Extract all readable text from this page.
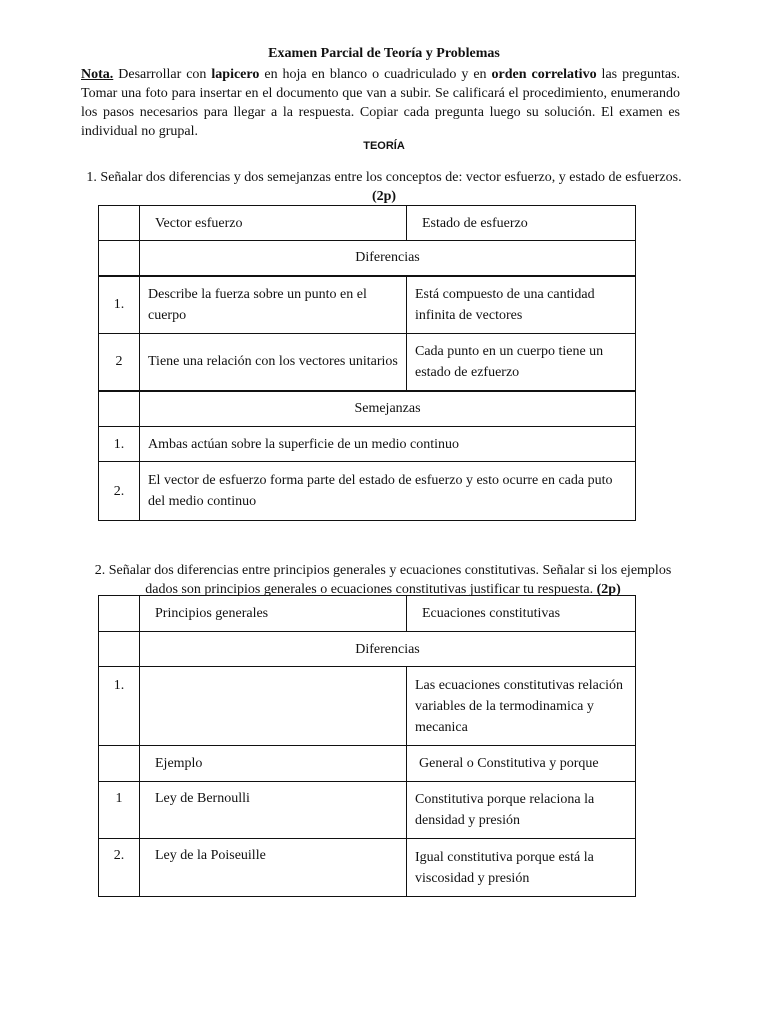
Examen Parcial de Teoría y Problemas
Nota. Desarrollar con lapicero en hoja en blanco o cuadriculado y en orden correlativo las preguntas. Tomar una foto para insertar en el documento que van a subir. Se calificará el procedimiento, enumerando los pasos necesarios para llegar a la respuesta. Copiar cada pregunta luego su solución. El examen es individual no grupal.
TEORÍA
1. Señalar dos diferencias y dos semejanzas entre los conceptos de: vector esfuerzo, y estado de esfuerzos. (2p)
	Vector esfuerzo	Estado de esfuerzo
	Diferencias	
1.	Describe la fuerza sobre un punto en el cuerpo	Está compuesto de una cantidad infinita de vectores
2	Tiene una relación con los vectores unitarios	Cada punto en un cuerpo tiene un estado de ezfuerzo
	Semejanzas	
1.	Ambas actúan sobre la superficie de un medio continuo	
2.	El vector de esfuerzo forma parte del estado de esfuerzo y esto ocurre en cada puto del medio continuo	
2. Señalar dos diferencias entre principios generales y ecuaciones constitutivas. Señalar si los ejemplos dados son principios generales o ecuaciones constitutivas justificar tu respuesta. (2p)
	Principios generales	Ecuaciones constitutivas
	Diferencias	
1.		Las ecuaciones constitutivas relación variables de la termodinamica y mecanica
	Ejemplo	General o Constitutiva y porque
1	Ley de Bernoulli	Constitutiva porque relaciona la densidad y presión
2.	Ley de la Poiseuille	Igual constitutiva porque está la viscosidad y presión
